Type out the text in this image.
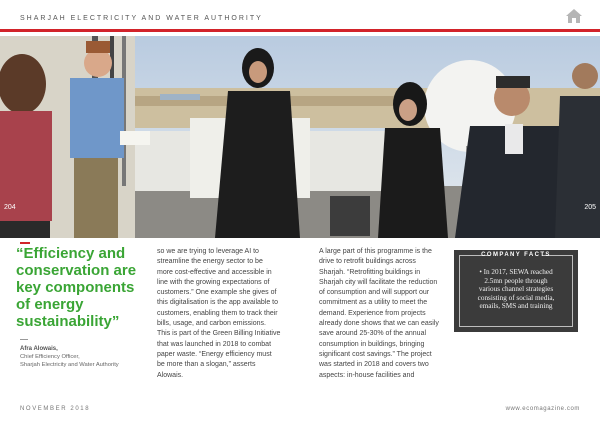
SHARJAH ELECTRICITY AND WATER AUTHORITY
204	205
“Efficiency and
conservation are
key components
of energy
sustainability”
Afra Alowais,
Chief Efficiency Officer,
Sharjah Electricity and Water Authority

so we are trying to leverage AI to

streamline the energy sector to be

more cost-effective and accessible in

line with the growing expectations of

customers.” One example she gives of

this digitalisation is the app available to

customers, enabling them to track their

bills, usage, and carbon emissions.

This is part of the Green Billing Initiative

that was launched in 2018 to combat

paper waste. “Energy efficiency must

be more than a slogan,” asserts

Alowais.

A large part of this programme is the

drive to retrofit buildings across

Sharjah. “Retrofitting buildings in

Sharjah city will facilitate the reduction

of consumption and will support our

commitment as a utility to meet the

demand. Experience from projects

already done shows that we can easily

save around 25-30% of the annual

consumption in buildings, bringing

significant cost savings.” The project

was started in 2018 and covers two

aspects: in-house facilities and

COMPANY FACTS
• In 2017, SEWA reached
2.5mn people through
various channel strategies
consisting of social media,
emails, SMS and training
NOVEMBER 2018	www.ecomagazine.com
